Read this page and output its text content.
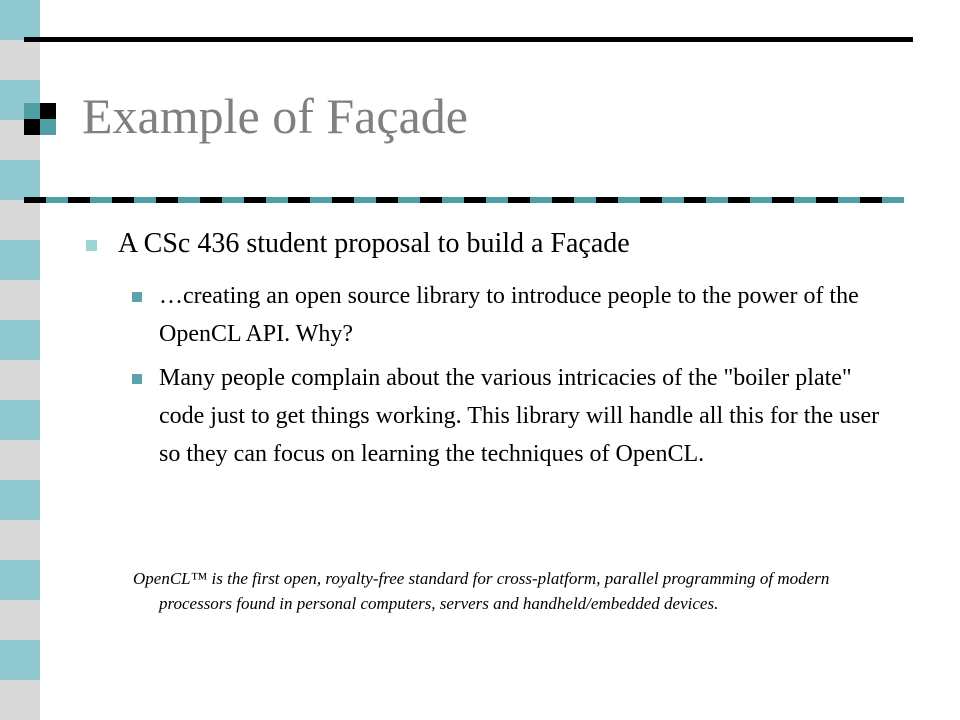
Example of Façade
A CSc 436 student proposal to build a Façade
…creating an open source library to introduce people to the power of the OpenCL API. Why?
Many people complain about the various intricacies of the "boiler plate" code just to get things working. This library will handle all this for the user so they can focus on learning the techniques of OpenCL.
OpenCL™ is the first open, royalty-free standard for cross-platform, parallel programming of modern processors found in personal computers, servers and handheld/embedded devices.
